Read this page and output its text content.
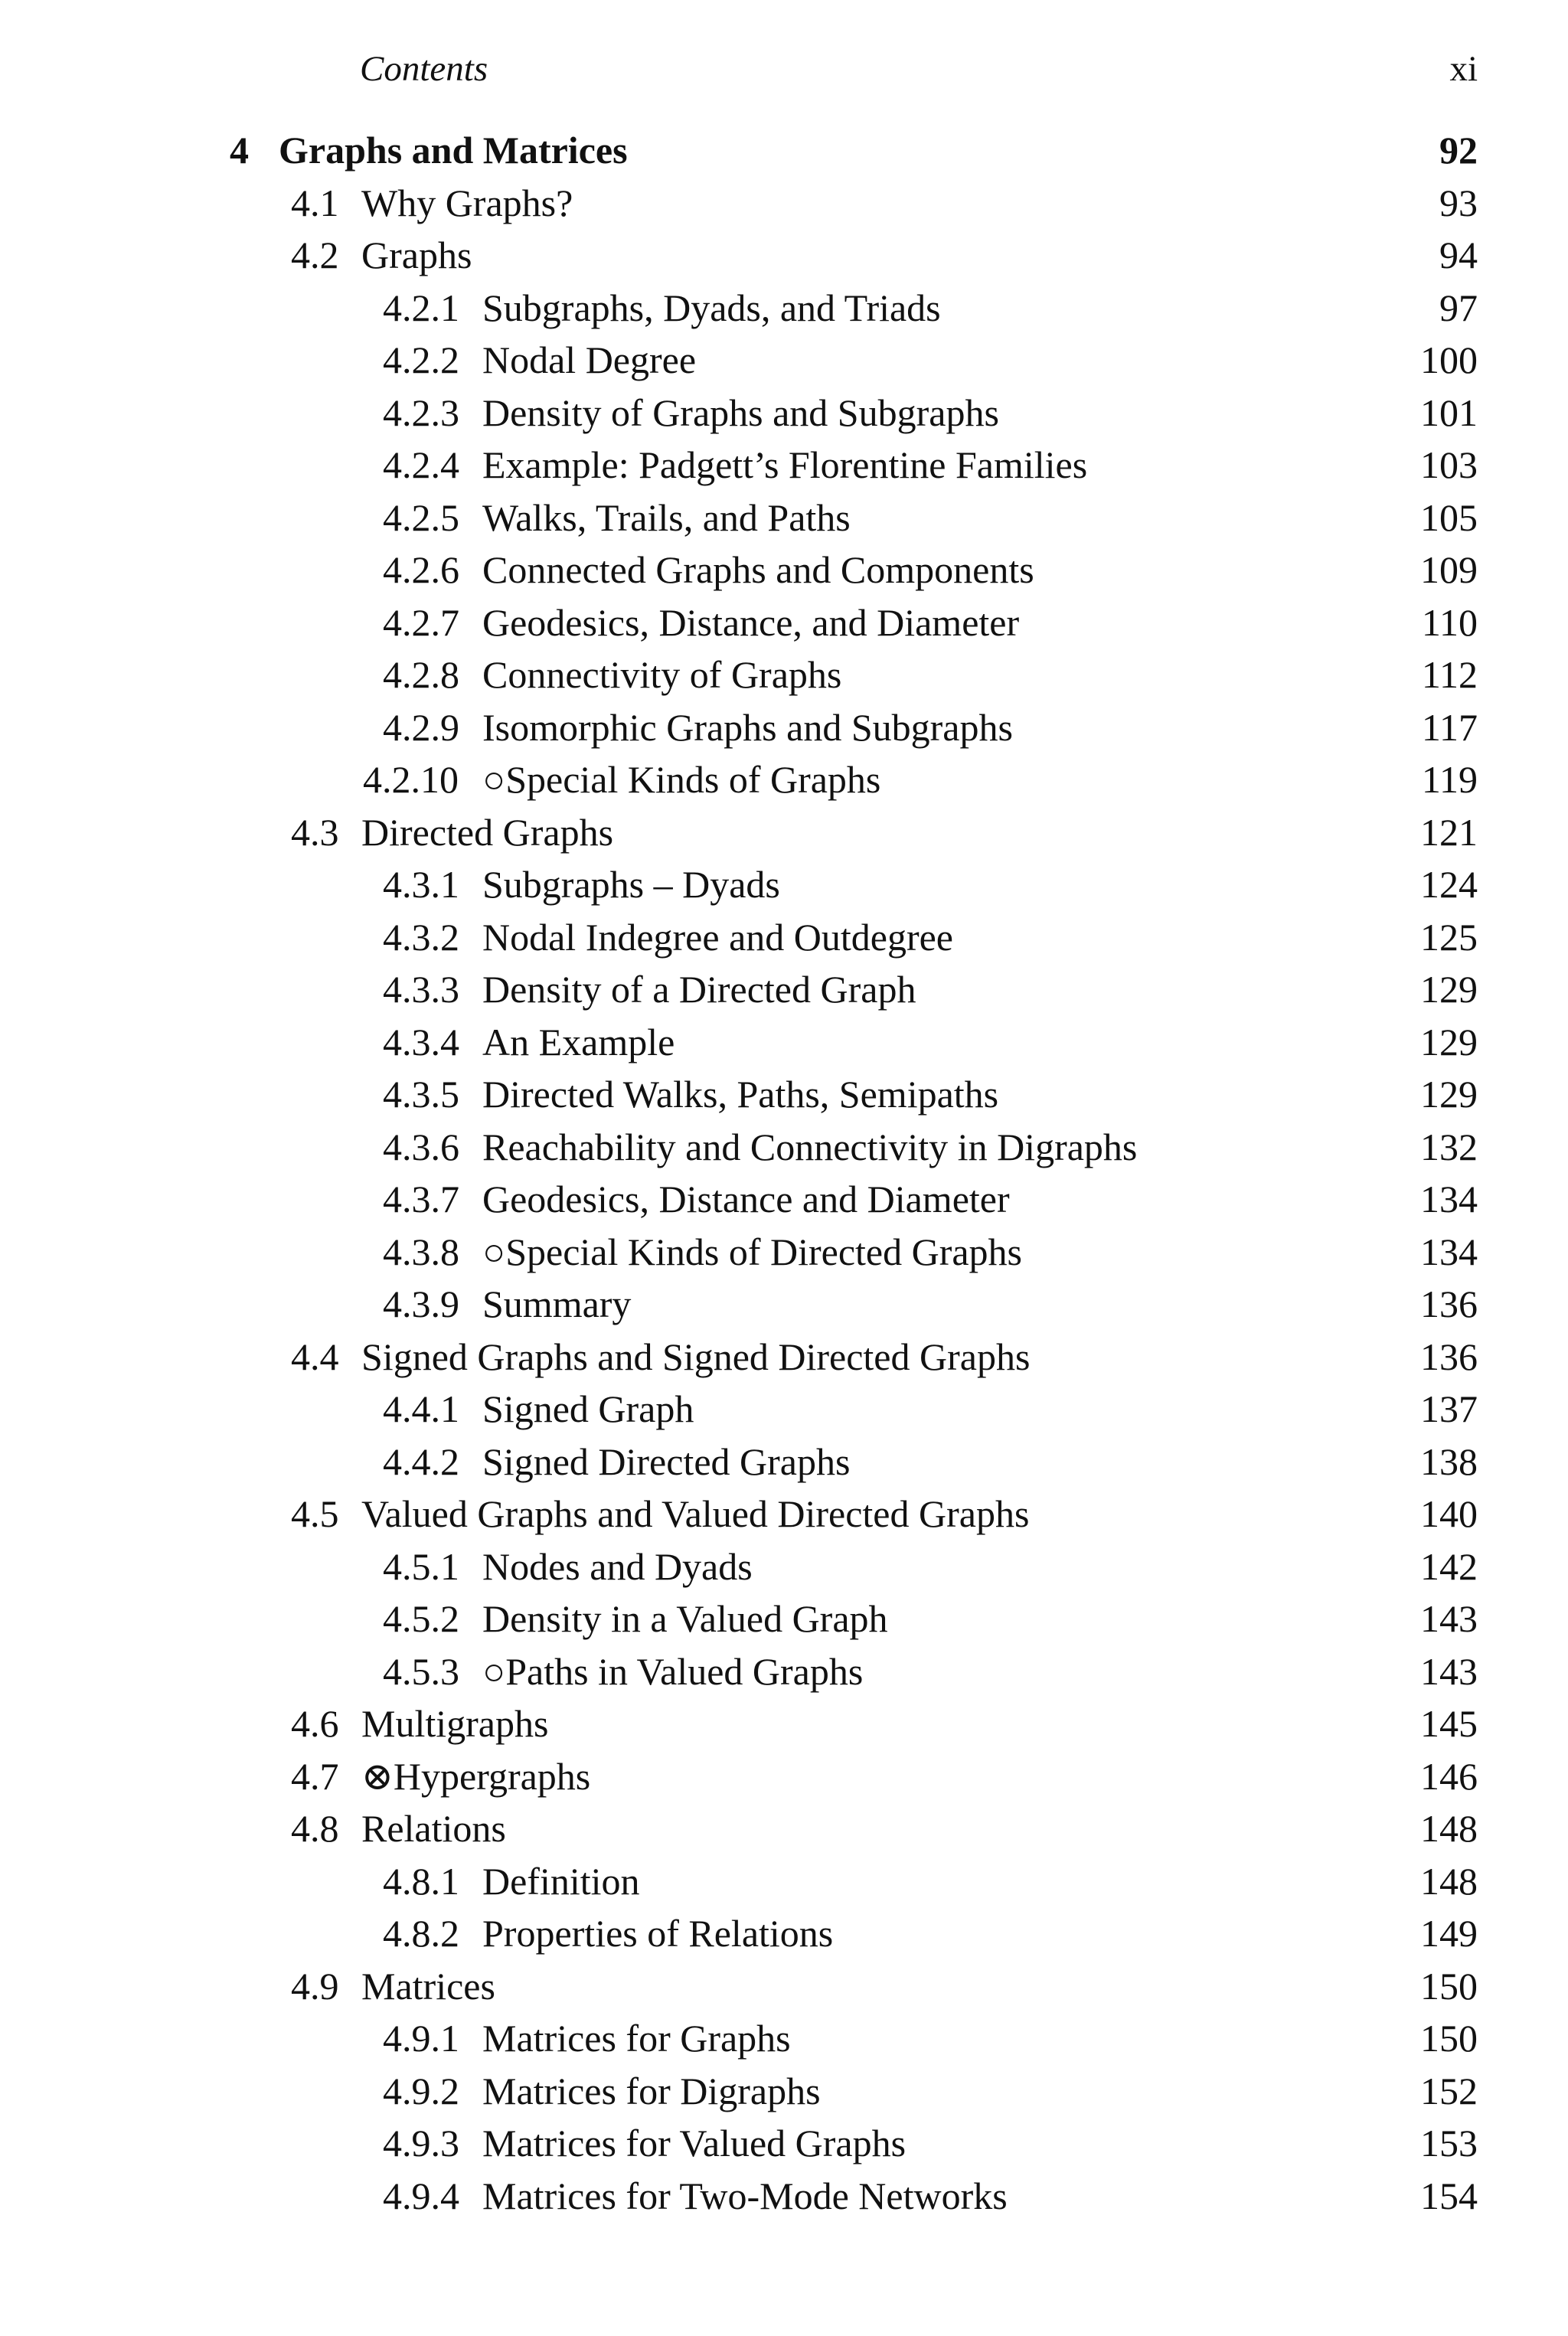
Contents	xi
4 Graphs and Matrices	92
4.1 Why Graphs?	93
4.2 Graphs	94
4.2.1 Subgraphs, Dyads, and Triads	97
4.2.2 Nodal Degree	100
4.2.3 Density of Graphs and Subgraphs	101
4.2.4 Example: Padgett’s Florentine Families	103
4.2.5 Walks, Trails, and Paths	105
4.2.6 Connected Graphs and Components	109
4.2.7 Geodesics, Distance, and Diameter	110
4.2.8 Connectivity of Graphs	112
4.2.9 Isomorphic Graphs and Subgraphs	117
4.2.10 ○Special Kinds of Graphs	119
4.3 Directed Graphs	121
4.3.1 Subgraphs – Dyads	124
4.3.2 Nodal Indegree and Outdegree	125
4.3.3 Density of a Directed Graph	129
4.3.4 An Example	129
4.3.5 Directed Walks, Paths, Semipaths	129
4.3.6 Reachability and Connectivity in Digraphs	132
4.3.7 Geodesics, Distance and Diameter	134
4.3.8 ○Special Kinds of Directed Graphs	134
4.3.9 Summary	136
4.4 Signed Graphs and Signed Directed Graphs	136
4.4.1 Signed Graph	137
4.4.2 Signed Directed Graphs	138
4.5 Valued Graphs and Valued Directed Graphs	140
4.5.1 Nodes and Dyads	142
4.5.2 Density in a Valued Graph	143
4.5.3 ○Paths in Valued Graphs	143
4.6 Multigraphs	145
4.7 ⊗Hypergraphs	146
4.8 Relations	148
4.8.1 Definition	148
4.8.2 Properties of Relations	149
4.9 Matrices	150
4.9.1 Matrices for Graphs	150
4.9.2 Matrices for Digraphs	152
4.9.3 Matrices for Valued Graphs	153
4.9.4 Matrices for Two-Mode Networks	154
